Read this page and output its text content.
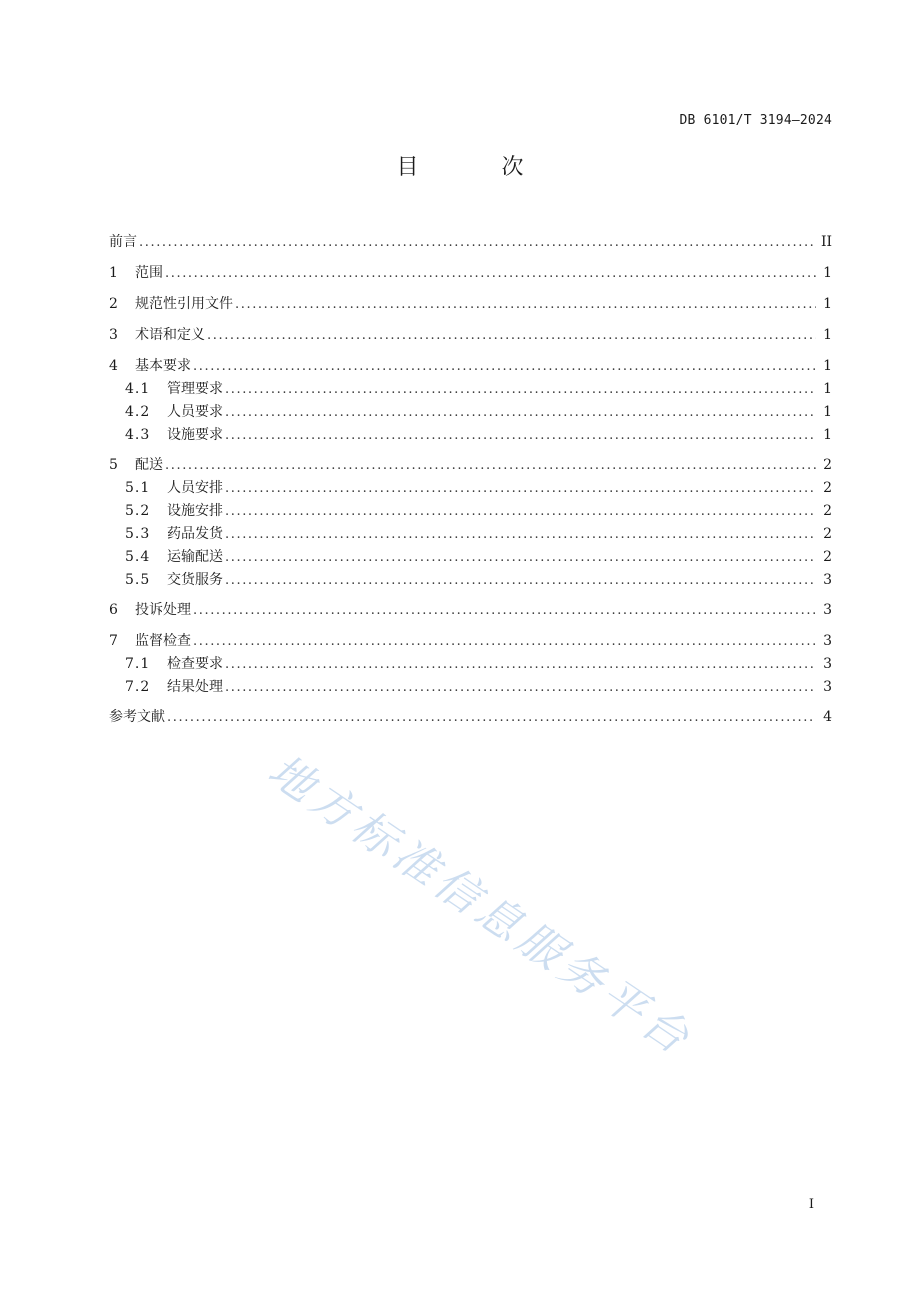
DB 6101/T 3194—2024
目 次
前言 .....	II
1	范围 .....	1
2	规范性引用文件 .....	1
3	术语和定义 .....	1
4	基本要求 .....	1
4.1	管理要求 .....	1
4.2	人员要求 .....	1
4.3	设施要求 .....	1
5	配送 .....	2
5.1	人员安排 .....	2
5.2	设施安排 .....	2
5.3	药品发货 .....	2
5.4	运输配送 .....	2
5.5	交货服务 .....	3
6	投诉处理 .....	3
7	监督检查 .....	3
7.1	检查要求 .....	3
7.2	结果处理 .....	3
参考文献 .....	4
I
地方标准信息服务平台
